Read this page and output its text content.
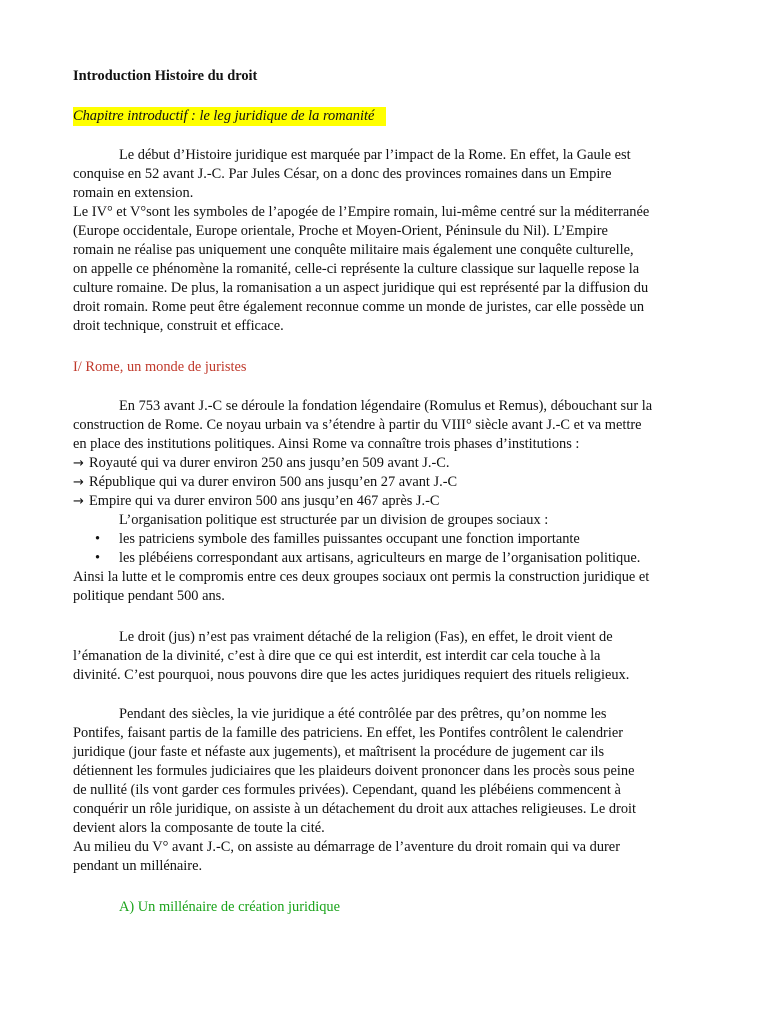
Introduction Histoire du droit

Chapitre introductif : le leg juridique de la romanité

Le début d’Histoire juridique est marquée par l’impact de la Rome. En effet, la Gaule est

conquise en 52 avant J.-C. Par Jules César, on a donc des provinces romaines dans un Empire

romain en extension.

Le IV° et V°sont les symboles de l’apogée de l’Empire romain, lui-même centré sur la méditerranée

(Europe occidentale, Europe orientale, Proche et Moyen-Orient, Péninsule du Nil). L’Empire

romain ne réalise pas uniquement une conquête militaire mais également une conquête culturelle,

on appelle ce phénomène la romanité, celle-ci représente la culture classique sur laquelle repose la

culture romaine. De plus, la romanisation a un aspect juridique qui est représenté par la diffusion du

droit romain. Rome peut être également reconnue comme un monde de juristes, car elle possède un

droit technique, construit et efficace.

I/ Rome, un monde de juristes

En 753 avant J.-C se déroule la fondation légendaire (Romulus et Remus), débouchant sur la

construction de Rome. Ce noyau urbain va s’étendre à partir du VIII° siècle avant J.-C et va mettre

en place des institutions politiques. Ainsi Rome va connaître trois phases d’institutions :

→ Royauté qui va durer environ 250 ans jusqu’en 509 avant J.-C.
→ République qui va durer environ 500 ans jusqu’en 27 avant J.-C
→ Empire qui va durer environ 500 ans jusqu’en 467 après J.-C

L’organisation politique est structurée par un division de groupes sociaux :

•	les patriciens symbole des familles puissantes occupant une fonction importante
•	les plébéiens correspondant aux artisans, agriculteurs en marge de l’organisation politique.

Ainsi la lutte et le compromis entre ces deux groupes sociaux ont permis la construction juridique et

politique pendant 500 ans.

Le droit (jus) n’est pas vraiment détaché de la religion (Fas), en effet, le droit vient de

l’émanation de la divinité, c’est à dire que ce qui est interdit, est interdit car cela touche à la

divinité. C’est pourquoi, nous pouvons dire que les actes juridiques requiert des rituels religieux.

Pendant des siècles, la vie juridique a été contrôlée par des prêtres, qu’on nomme les

Pontifes, faisant partis de la famille des patriciens. En effet, les Pontifes contrôlent le calendrier

juridique (jour faste et néfaste aux jugements), et maîtrisent la procédure de jugement car ils

détiennent les formules judiciaires que les plaideurs doivent prononcer dans les procès sous peine

de nullité (ils vont garder ces formules privées). Cependant, quand les plébéiens commencent à

conquérir un rôle juridique, on assiste à un détachement du droit aux attaches religieuses. Le droit

devient alors la composante de toute la cité.

Au milieu du V° avant J.-C, on assiste au démarrage de l’aventure du droit romain qui va durer

pendant un millénaire.

A) Un millénaire de création juridique
